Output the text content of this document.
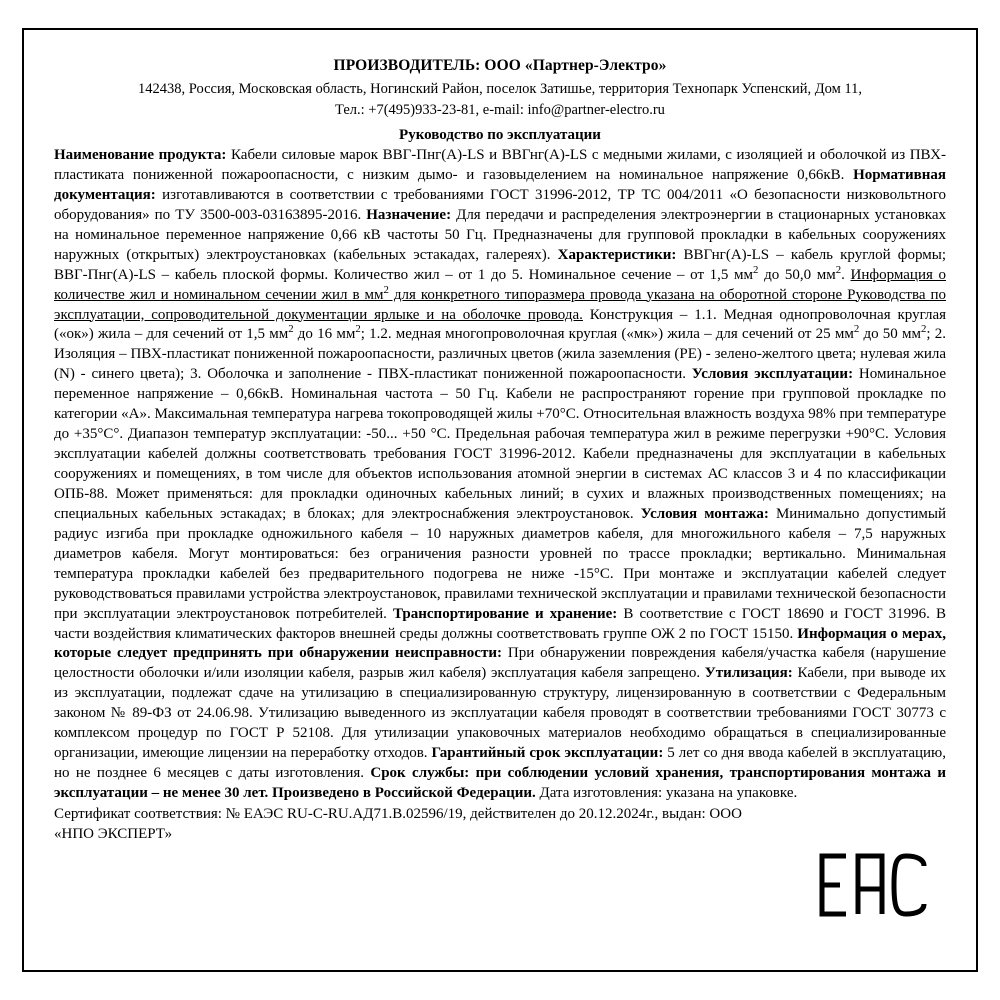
ПРОИЗВОДИТЕЛЬ: ООО «Партнер-Электро»
142438, Россия, Московская область, Ногинский Район, поселок Затишье, территория Технопарк Успенский, Дом 11,
Тел.: +7(495)933-23-81, e-mail: info@partner-electro.ru
Руководство по эксплуатации
Наименование продукта: Кабели силовые марок ВВГ-Пнг(А)-LS и ВВГнг(А)-LS с медными жилами, с изоляцией и оболочкой из ПВХ-пластиката пониженной пожароопасности, с низким дымо- и газовыделением на номинальное напряжение 0,66кВ. Нормативная документация: изготавливаются в соответствии с требованиями ГОСТ 31996-2012, ТР ТС 004/2011 «О безопасности низковольтного оборудования» по ТУ 3500-003-03163895-2016. Назначение: Для передачи и распределения электроэнергии в стационарных установках на номинальное переменное напряжение 0,66 кВ частоты 50 Гц. Предназначены для групповой прокладки в кабельных сооружениях наружных (открытых) электроустановках (кабельных эстакадах, галереях). Характеристики: ВВГнг(А)-LS – кабель круглой формы; ВВГ-Пнг(А)-LS – кабель плоской формы. Количество жил – от 1 до 5. Номинальное сечение – от 1,5 $мм^2$ до 50,0 $мм^2$. Информация о количестве жил и номинальном сечении жил в $мм^2$ для конкретного типоразмера провода указана на оборотной стороне Руководства по эксплуатации, сопроводительной документации ярлыке и на оболочке провода. Конструкция – 1.1. Медная однопроволочная круглая («ок») жила – для сечений от 1,5 $мм^2$ до 16 $мм^2$; 1.2. медная многопроволочная круглая («мк») жила – для сечений от 25 $мм^2$ до 50 $мм^2$; 2. Изоляция – ПВХ-пластикат пониженной пожароопасности, различных цветов (жила заземления (PE) - зелено-желтого цвета; нулевая жила (N) - синего цвета); 3. Оболочка и заполнение - ПВХ-пластикат пониженной пожароопасности. Условия эксплуатации: Номинальное переменное напряжение – 0,66кВ. Номинальная частота – 50 Гц. Кабели не распространяют горение при групповой прокладке по категории «А». Максимальная температура нагрева токопроводящей жилы +70°С. Относительная влажность воздуха 98% при температуре до +35°С°. Диапазон температур эксплуатации: -50... +50 °С. Предельная рабочая температура жил в режиме перегрузки +90°С. Условия эксплуатации кабелей должны соответствовать требования ГОСТ 31996-2012. Кабели предназначены для эксплуатации в кабельных сооружениях и помещениях, в том числе для объектов использования атомной энергии в системах АС классов 3 и 4 по классификации ОПБ-88. Может применяться: для прокладки одиночных кабельных линий; в сухих и влажных производственных помещениях; на специальных кабельных эстакадах; в блоках; для электроснабжения электроустановок. Условия монтажа: Минимально допустимый радиус изгиба при прокладке одножильного кабеля – 10 наружных диаметров кабеля, для многожильного кабеля – 7,5 наружных диаметров кабеля. Могут монтироваться: без ограничения разности уровней по трассе прокладки; вертикально. Минимальная температура прокладки кабелей без предварительного подогрева не ниже -15°С. При монтаже и эксплуатации кабелей следует руководствоваться правилами устройства электроустановок, правилами технической эксплуатации и правилами технической безопасности при эксплуатации электроустановок потребителей. Транспортирование и хранение: В соответствие с ГОСТ 18690 и ГОСТ 31996. В части воздействия климатических факторов внешней среды должны соответствовать группе ОЖ 2 по ГОСТ 15150. Информация о мерах, которые следует предпринять при обнаружении неисправности: При обнаружении повреждения кабеля/участка кабеля (нарушение целостности оболочки и/или изоляции кабеля, разрыв жил кабеля) эксплуатация кабеля запрещено. Утилизация: Кабели, при выводе их из эксплуатации, подлежат сдаче на утилизацию в специализированную структуру, лицензированную в соответствии с Федеральным законом № 89-ФЗ от 24.06.98. Утилизацию выведенного из эксплуатации кабеля проводят в соответствии требованиями ГОСТ 30773 с комплексом процедур по ГОСТ Р 52108. Для утилизации упаковочных материалов необходимо обращаться в специализированные организации, имеющие лицензии на переработку отходов. Гарантийный срок эксплуатации: 5 лет со дня ввода кабелей в эксплуатацию, но не позднее 6 месяцев с даты изготовления. Срок службы: при соблюдении условий хранения, транспортирования монтажа и эксплуатации – не менее 30 лет. Произведено в Российской Федерации. Дата изготовления: указана на упаковке.
Сертификат соответствия: № ЕАЭС RU-C-RU.АД71.В.02596/19, действителен до 20.12.2024г., выдан: ООО «НПО ЭКСПЕРТ»
